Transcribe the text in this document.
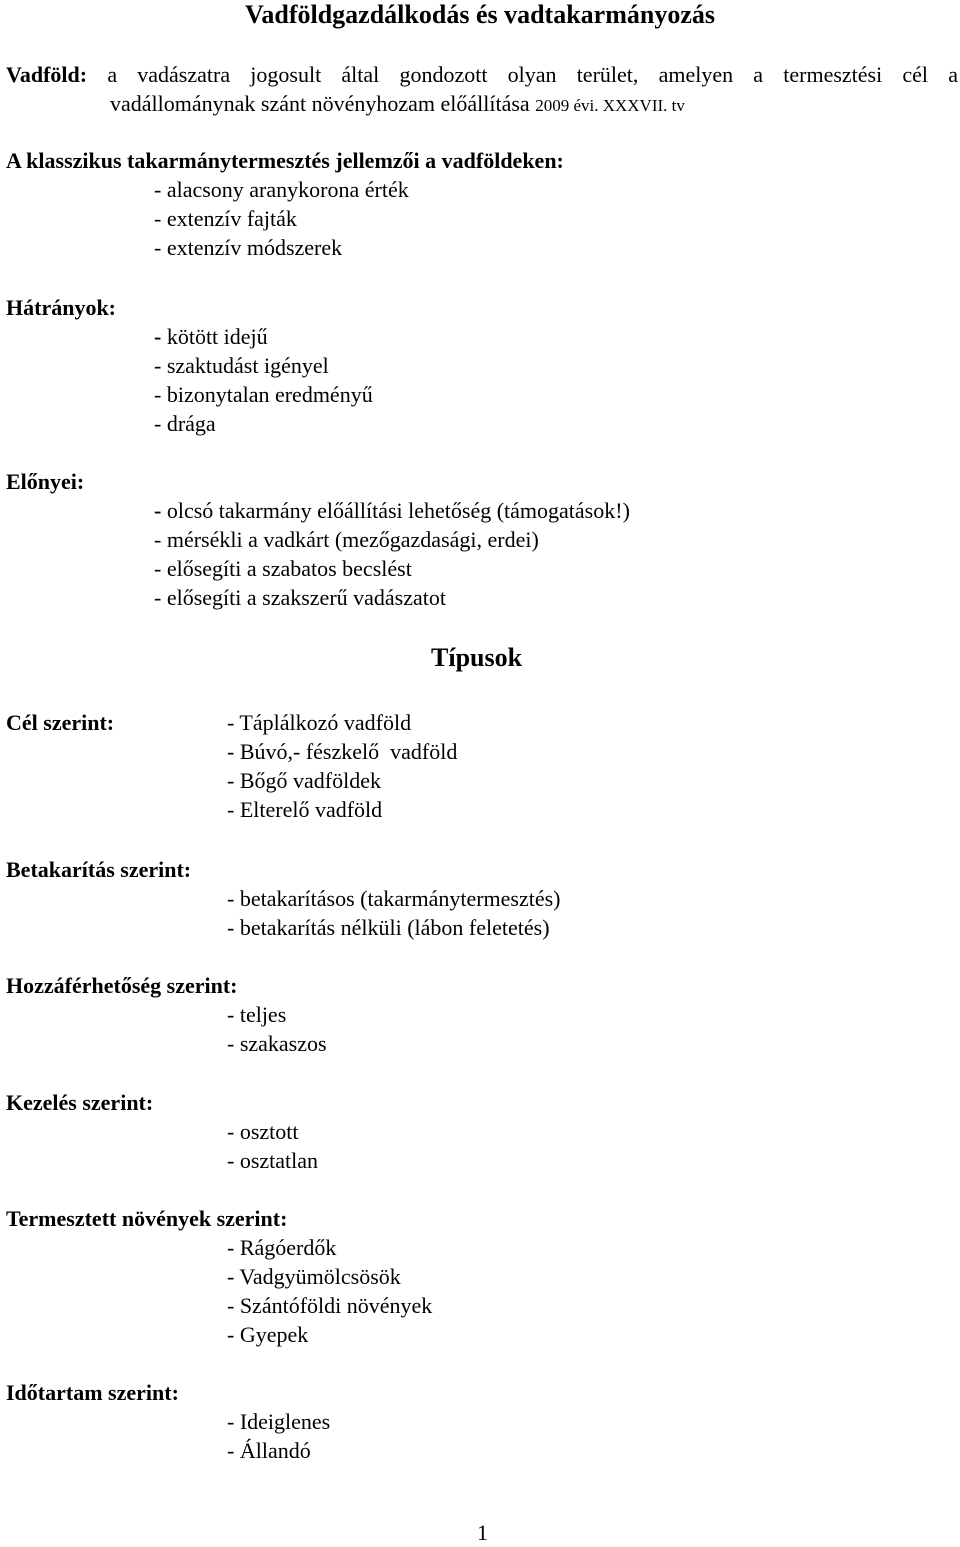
Vadföldgazdálkodás és vadtakarmányozás
Vadföld: a vadászatra jogosult által gondozott olyan terület, amelyen a termesztési cél a
vadállománynak szánt növényhozam előállítása 2009 évi. XXXVII. tv
A klasszikus takarmánytermesztés jellemzői a vadföldeken:
- alacsony aranykorona érték
- extenzív fajták
- extenzív módszerek
Hátrányok:
- kötött idejű
- szaktudást igényel
- bizonytalan eredményű
- drága
Előnyei:
- olcsó takarmány előállítási lehetőség (támogatások!)
- mérsékli a vadkárt (mezőgazdasági, erdei)
- elősegíti a szabatos becslést
- elősegíti a szakszerű vadászatot
Típusok
Cél szerint:	- Táplálkozó vadföld
- Búvó,- fészkelő  vadföld
- Bőgő vadföldek
- Elterelő vadföld
Betakarítás szerint:
- betakarításos (takarmánytermesztés)
- betakarítás nélküli (lábon feletetés)
Hozzáférhetőség szerint:
- teljes
- szakaszos
Kezelés szerint:
- osztott
- osztatlan
Termesztett növények szerint:
- Rágóerdők
- Vadgyümölcsösök
- Szántóföldi növények
- Gyepek
Időtartam szerint:
- Ideiglenes
- Állandó
1
